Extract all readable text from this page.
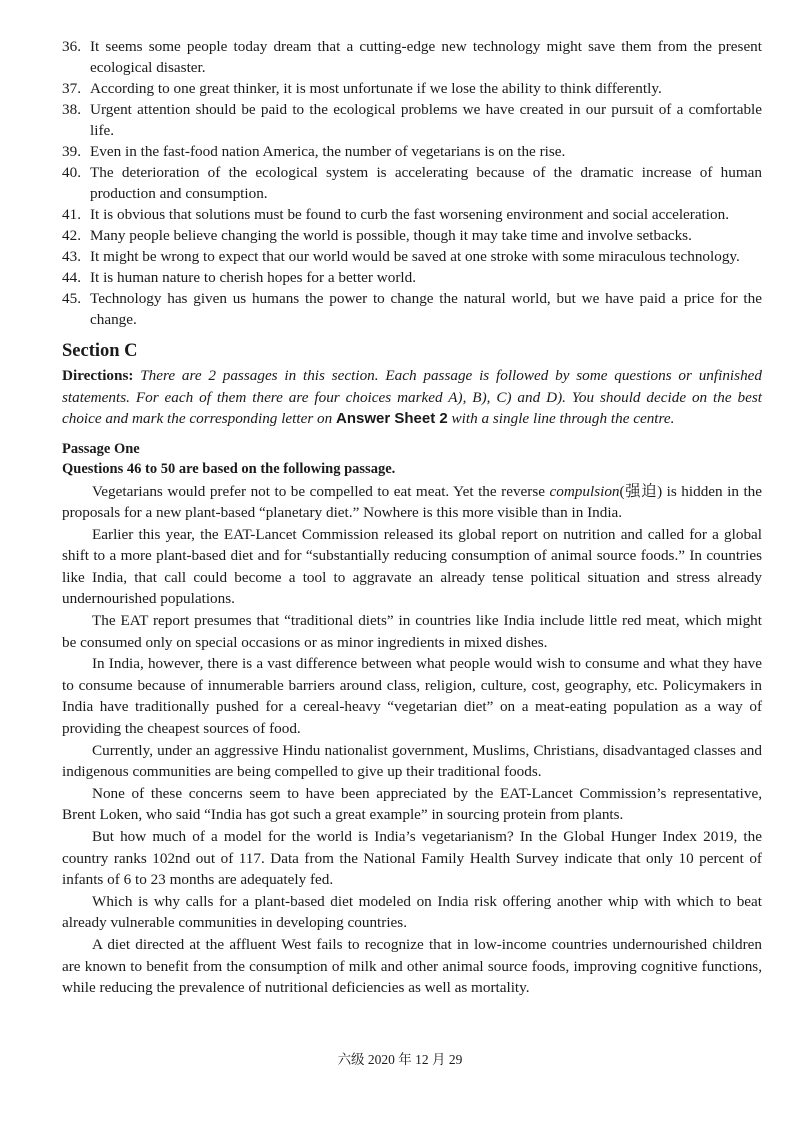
36. It seems some people today dream that a cutting-edge new technology might save them from the present ecological disaster.
37. According to one great thinker, it is most unfortunate if we lose the ability to think differently.
38. Urgent attention should be paid to the ecological problems we have created in our pursuit of a comfortable life.
39. Even in the fast-food nation America, the number of vegetarians is on the rise.
40. The deterioration of the ecological system is accelerating because of the dramatic increase of human production and consumption.
41. It is obvious that solutions must be found to curb the fast worsening environment and social acceleration.
42. Many people believe changing the world is possible, though it may take time and involve setbacks.
43. It might be wrong to expect that our world would be saved at one stroke with some miraculous technology.
44. It is human nature to cherish hopes for a better world.
45. Technology has given us humans the power to change the natural world, but we have paid a price for the change.
Section C
Directions: There are 2 passages in this section. Each passage is followed by some questions or unfinished statements. For each of them there are four choices marked A), B), C) and D). You should decide on the best choice and mark the corresponding letter on Answer Sheet 2 with a single line through the centre.
Passage One
Questions 46 to 50 are based on the following passage.

Vegetarians would prefer not to be compelled to eat meat. Yet the reverse compulsion(强迫) is hidden in the proposals for a new plant-based “planetary diet.” Nowhere is this more visible than in India.

Earlier this year, the EAT-Lancet Commission released its global report on nutrition and called for a global shift to a more plant-based diet and for “substantially reducing consumption of animal source foods.” In countries like India, that call could become a tool to aggravate an already tense political situation and stress already undernourished populations.

The EAT report presumes that “traditional diets” in countries like India include little red meat, which might be consumed only on special occasions or as minor ingredients in mixed dishes.

In India, however, there is a vast difference between what people would wish to consume and what they have to consume because of innumerable barriers around class, religion, culture, cost, geography, etc. Policymakers in India have traditionally pushed for a cereal-heavy “vegetarian diet” on a meat-eating population as a way of providing the cheapest sources of food.

Currently, under an aggressive Hindu nationalist government, Muslims, Christians, disadvantaged classes and indigenous communities are being compelled to give up their traditional foods.

None of these concerns seem to have been appreciated by the EAT-Lancet Commission’s representative, Brent Loken, who said “India has got such a great example” in sourcing protein from plants.

But how much of a model for the world is India’s vegetarianism? In the Global Hunger Index 2019, the country ranks 102nd out of 117. Data from the National Family Health Survey indicate that only 10 percent of infants of 6 to 23 months are adequately fed.

Which is why calls for a plant-based diet modeled on India risk offering another whip with which to beat already vulnerable communities in developing countries.

A diet directed at the affluent West fails to recognize that in low-income countries undernourished children are known to benefit from the consumption of milk and other animal source foods, improving cognitive functions, while reducing the prevalence of nutritional deficiencies as well as mortality.

六级 2020 年 12 月 29
